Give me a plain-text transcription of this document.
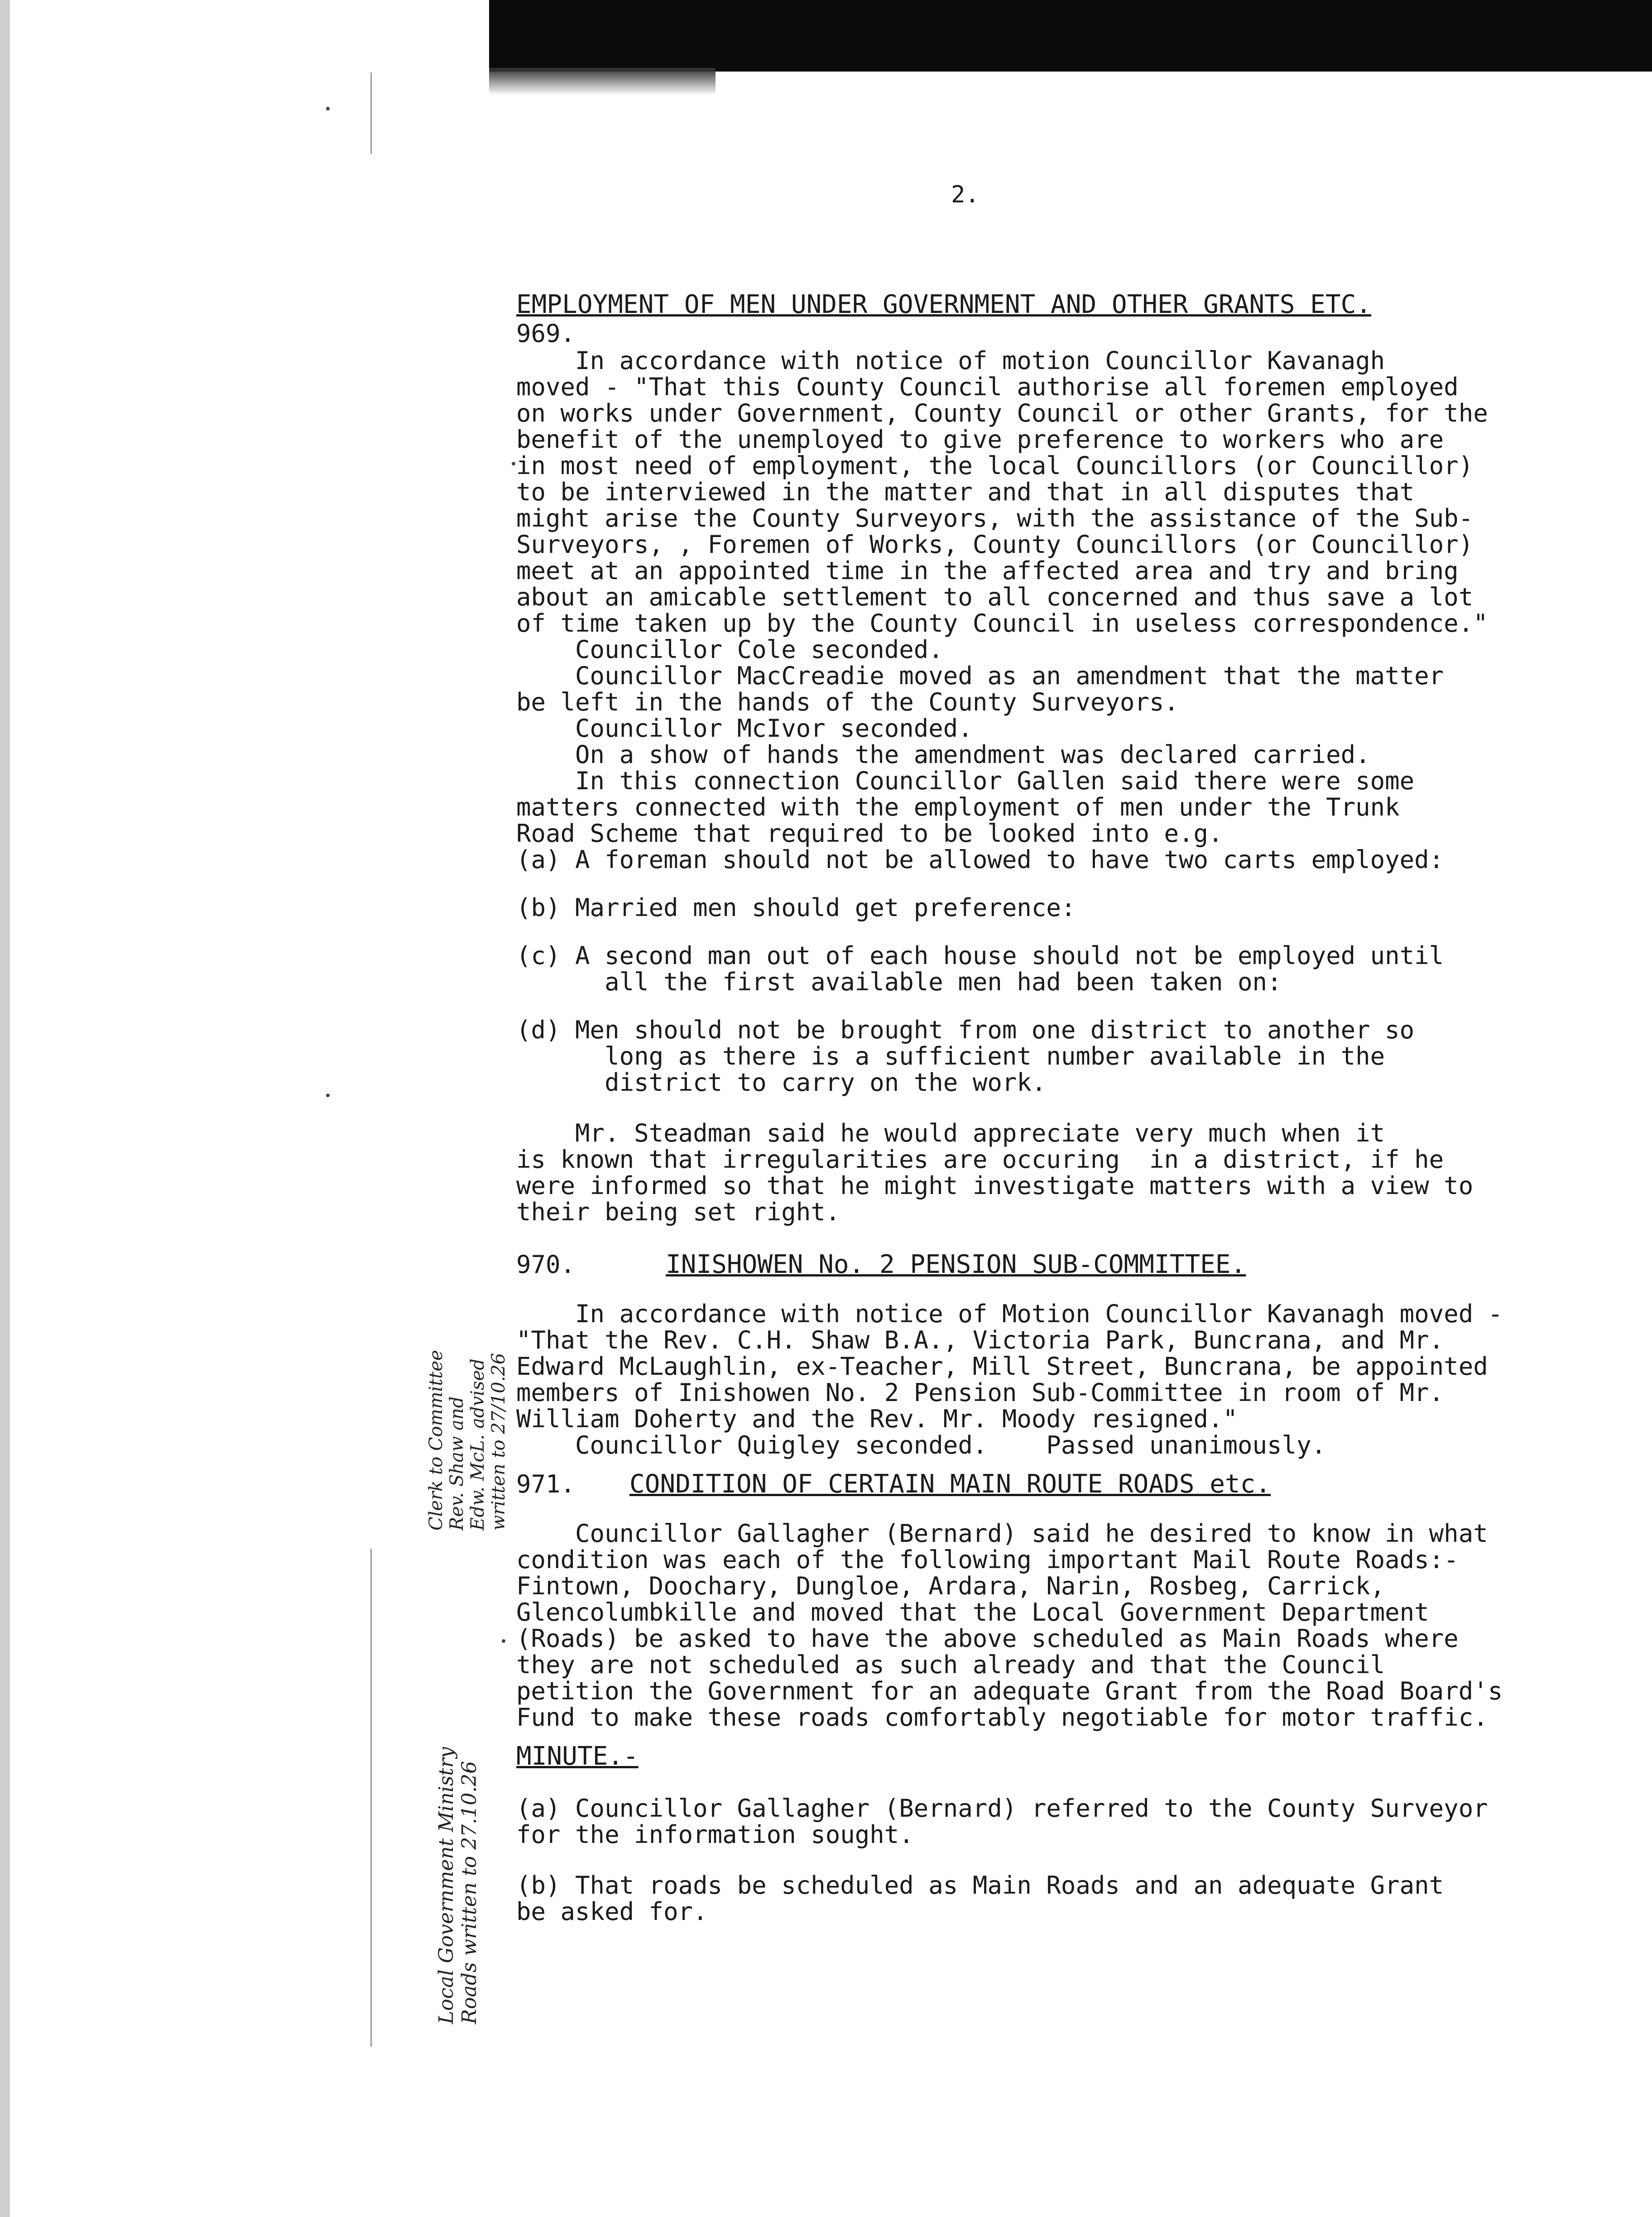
2.
EMPLOYMENT OF MEN UNDER GOVERNMENT AND OTHER GRANTS ETC.
969.
In accordance with notice of motion Councillor Kavanagh
moved - "That this County Council authorise all foremen employed
on works under Government, County Council or other Grants, for the
benefit of the unemployed to give preference to workers who are
in most need of employment, the local Councillors (or Councillor)
to be interviewed in the matter and that in all disputes that
might arise the County Surveyors, with the assistance of the Sub-
Surveyors, , Foremen of Works, County Councillors (or Councillor)
meet at an appointed time in the affected area and try and bring
about an amicable settlement to all concerned and thus save a lot
of time taken up by the County Council in useless correspondence."
Councillor Cole seconded.
Councillor MacCreadie moved as an amendment that the matter
be left in the hands of the County Surveyors.
Councillor McIvor seconded.
On a show of hands the amendment was declared carried.
In this connection Councillor Gallen said there were some
matters connected with the employment of men under the Trunk
Road Scheme that required to be looked into e.g.
(a) A foreman should not be allowed to have two carts employed:
(b) Married men should get preference:
(c) A second man out of each house should not be employed until
all the first available men had been taken on:
(d) Men should not be brought from one district to another so
long as there is a sufficient number available in the
district to carry on the work.
Mr. Steadman said he would appreciate very much when it
is known that irregularities are occuring  in a district, if he
were informed so that he might investigate matters with a view to
their being set right.
970.	INISHOWEN No. 2 PENSION SUB-COMMITTEE.
In accordance with notice of Motion Councillor Kavanagh moved -
"That the Rev. C.H. Shaw B.A., Victoria Park, Buncrana, and Mr.
Edward McLaughlin, ex-Teacher, Mill Street, Buncrana, be appointed
members of Inishowen No. 2 Pension Sub-Committee in room of Mr.
William Doherty and the Rev. Mr. Moody resigned."
Councillor Quigley seconded.    Passed unanimously.
971. CONDITION OF CERTAIN MAIN ROUTE ROADS etc.
Councillor Gallagher (Bernard) said he desired to know in what
condition was each of the following important Mail Route Roads:-
Fintown, Doochary, Dungloe, Ardara, Narin, Rosbeg, Carrick,
Glencolumbkille and moved that the Local Government Department
(Roads) be asked to have the above scheduled as Main Roads where
they are not scheduled as such already and that the Council
petition the Government for an adequate Grant from the Road Board's
Fund to make these roads comfortably negotiable for motor traffic.
MINUTE.-
(a) Councillor Gallagher (Bernard) referred to the County Surveyor
for the information sought.
(b) That roads be scheduled as Main Roads and an adequate Grant
be asked for.
Clerk to Committee
Rev. Shaw and
Edw. McL. advised
written to 27/10.26
Local Government Ministry
Roads written to 27.10.26
